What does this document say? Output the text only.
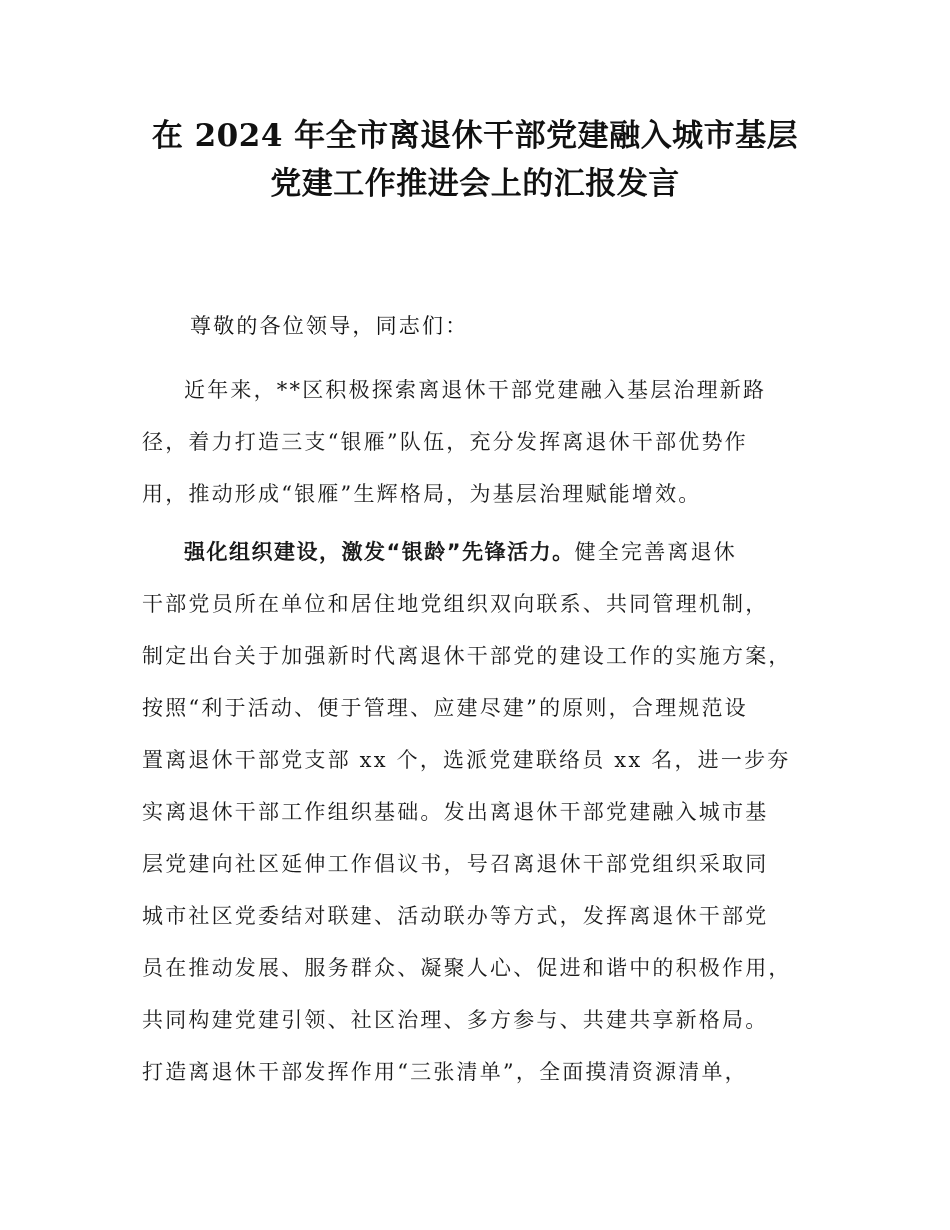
在 2024 年全市离退休干部党建融入城市基层
党建工作推进会上的汇报发言
尊敬的各位领导，同志们：
近年来，**区积极探索离退休干部党建融入基层治理新路
径，着力打造三支“银雁”队伍，充分发挥离退休干部优势作
用，推动形成“银雁”生辉格局，为基层治理赋能增效。
强化组织建设，激发“银龄”先锋活力。健全完善离退休
干部党员所在单位和居住地党组织双向联系、共同管理机制，
制定出台关于加强新时代离退休干部党的建设工作的实施方案，
按照“利于活动、便于管理、应建尽建”的原则，合理规范设
置离退休干部党支部 xx 个，选派党建联络员 xx 名，进一步夯
实离退休干部工作组织基础。发出离退休干部党建融入城市基
层党建向社区延伸工作倡议书，号召离退休干部党组织采取同
城市社区党委结对联建、活动联办等方式，发挥离退休干部党
员在推动发展、服务群众、凝聚人心、促进和谐中的积极作用，
共同构建党建引领、社区治理、多方参与、共建共享新格局。
打造离退休干部发挥作用“三张清单”，全面摸清资源清单，
